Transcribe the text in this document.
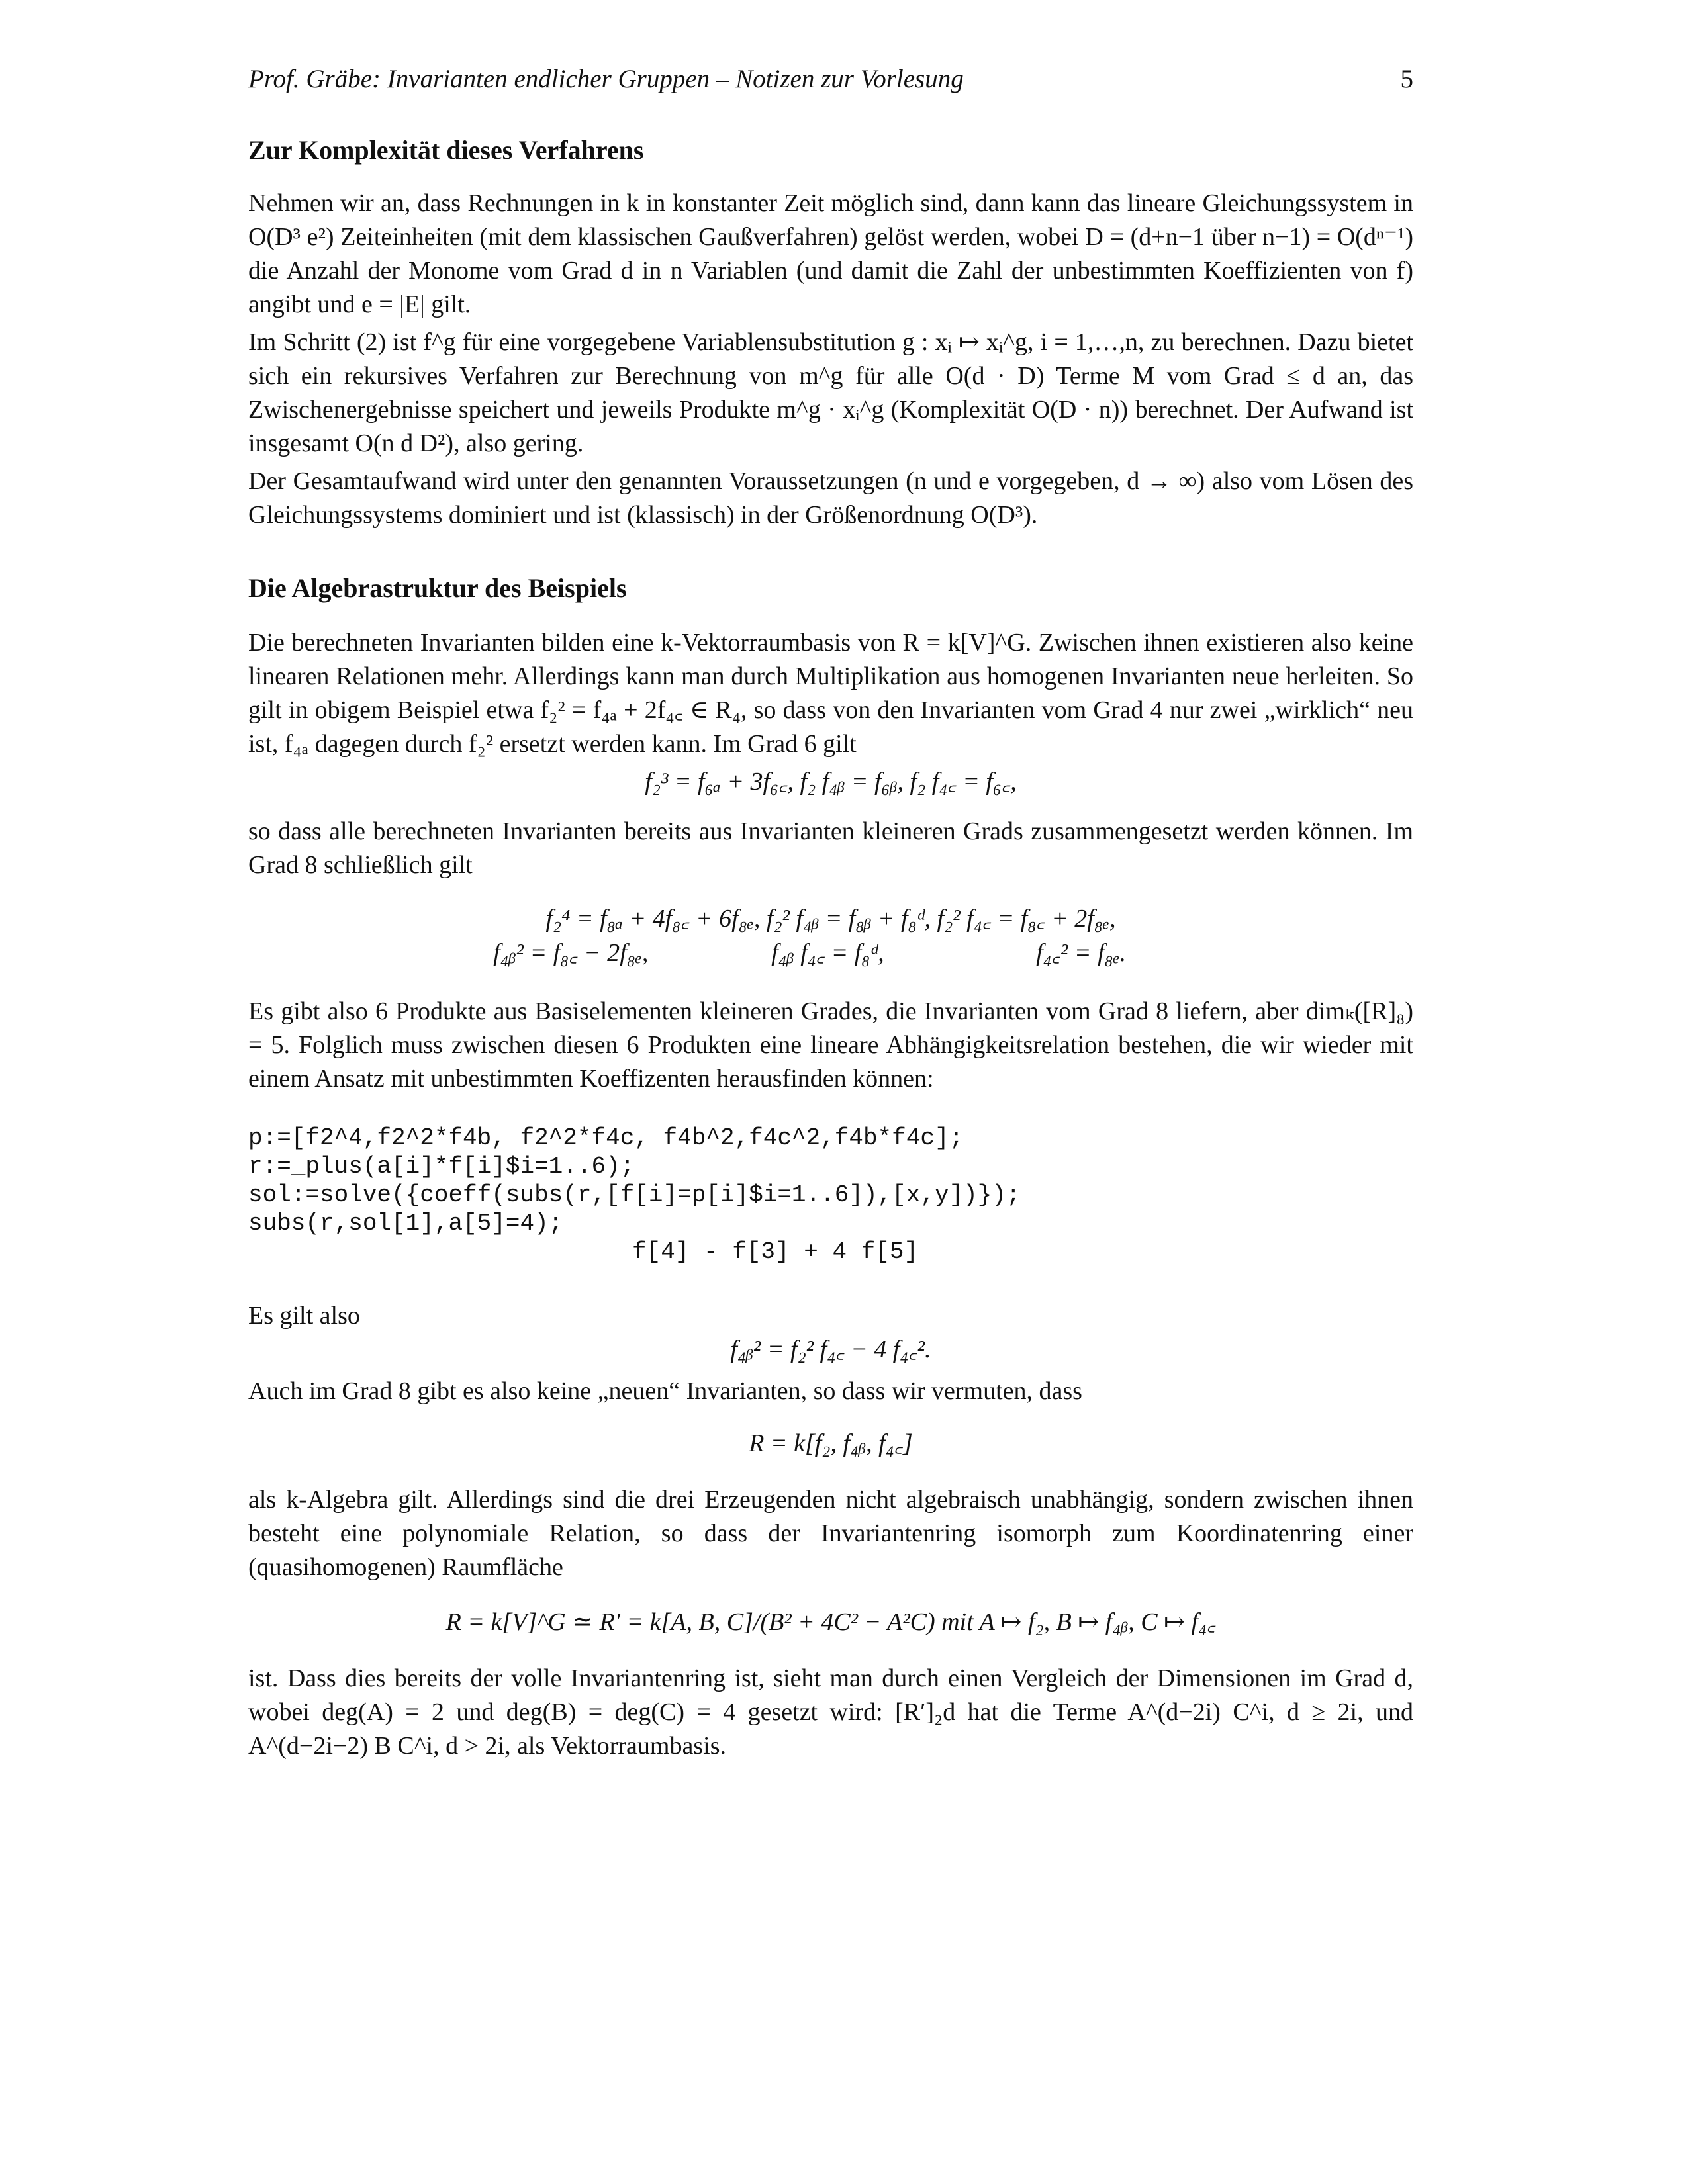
Prof. Gräbe: Invarianten endlicher Gruppen – Notizen zur Vorlesung	5
Zur Komplexität dieses Verfahrens

Nehmen wir an, dass Rechnungen in k in konstanter Zeit möglich sind, dann kann das lineare Gleichungssystem in O(D³ e²) Zeiteinheiten (mit dem klassischen Gaußverfahren) gelöst werden, wobei D = (d+n−1 über n−1) = O(dⁿ⁻¹) die Anzahl der Monome vom Grad d in n Variablen (und damit die Zahl der unbestimmten Koeffizienten von f) angibt und e = |E| gilt.

Im Schritt (2) ist f^g für eine vorgegebene Variablensubstitution g : xᵢ ↦ xᵢ^g, i = 1,…,n, zu berechnen. Dazu bietet sich ein rekursives Verfahren zur Berechnung von m^g für alle O(d · D) Terme M vom Grad ≤ d an, das Zwischenergebnisse speichert und jeweils Produkte m^g · xᵢ^g (Komplexität O(D · n)) berechnet. Der Aufwand ist insgesamt O(n d D²), also gering.

Der Gesamtaufwand wird unter den genannten Voraussetzungen (n und e vorgegeben, d → ∞) also vom Lösen des Gleichungssystems dominiert und ist (klassisch) in der Größenordnung O(D³).

Die Algebrastruktur des Beispiels

Die berechneten Invarianten bilden eine k-Vektorraumbasis von R = k[V]^G. Zwischen ihnen existieren also keine linearen Relationen mehr. Allerdings kann man durch Multiplikation aus homogenen Invarianten neue herleiten. So gilt in obigem Beispiel etwa f₂² = f₄ₐ + 2f₄꜀ ∈ R₄, so dass von den Invarianten vom Grad 4 nur zwei „wirklich“ neu ist, f₄ₐ dagegen durch f₂² ersetzt werden kann. Im Grad 6 gilt

f₂³ = f₆ₐ + 3f₆꜀, f₂ f₄ᵦ = f₆ᵦ, f₂ f₄꜀ = f₆꜀,

so dass alle berechneten Invarianten bereits aus Invarianten kleineren Grads zusammengesetzt werden können. Im Grad 8 schließlich gilt

f₂⁴ = f₈ₐ + 4f₈꜀ + 6f₈ₑ, f₂² f₄ᵦ = f₈ᵦ + f₈ᵈ, f₂² f₄꜀ = f₈꜀ + 2f₈ₑ,
f₄ᵦ² = f₈꜀ − 2f₈ₑ,	f₄ᵦ f₄꜀ = f₈ᵈ,	f₄꜀² = f₈ₑ.

Es gibt also 6 Produkte aus Basiselementen kleineren Grades, die Invarianten vom Grad 8 liefern, aber dimₖ([R]₈) = 5. Folglich muss zwischen diesen 6 Produkten eine lineare Abhängigkeitsrelation bestehen, die wir wieder mit einem Ansatz mit unbestimmten Koeffizenten herausfinden können:

p:=[f2^4,f2^2*f4b, f2^2*f4c, f4b^2,f4c^2,f4b*f4c];
r:=_plus(a[i]*f[i]$i=1..6);
sol:=solve({coeff(subs(r,[f[i]=p[i]$i=1..6]),[x,y])});
subs(r,sol[1],a[5]=4);
f[4] - f[3] + 4 f[5]

Es gilt also

f₄ᵦ² = f₂² f₄꜀ − 4 f₄꜀².

Auch im Grad 8 gibt es also keine „neuen“ Invarianten, so dass wir vermuten, dass

R = k[f₂, f₄ᵦ, f₄꜀]

als k-Algebra gilt. Allerdings sind die drei Erzeugenden nicht algebraisch unabhängig, sondern zwischen ihnen besteht eine polynomiale Relation, so dass der Invariantenring isomorph zum Koordinatenring einer (quasihomogenen) Raumfläche

R = k[V]^G ≃ R′ = k[A, B, C]/(B² + 4C² − A²C) mit A ↦ f₂, B ↦ f₄ᵦ, C ↦ f₄꜀

ist. Dass dies bereits der volle Invariantenring ist, sieht man durch einen Vergleich der Dimensionen im Grad d, wobei deg(A) = 2 und deg(B) = deg(C) = 4 gesetzt wird: [R′]₂d hat die Terme A^(d−2i) C^i, d ≥ 2i, und A^(d−2i−2) B C^i, d > 2i, als Vektorraumbasis.
